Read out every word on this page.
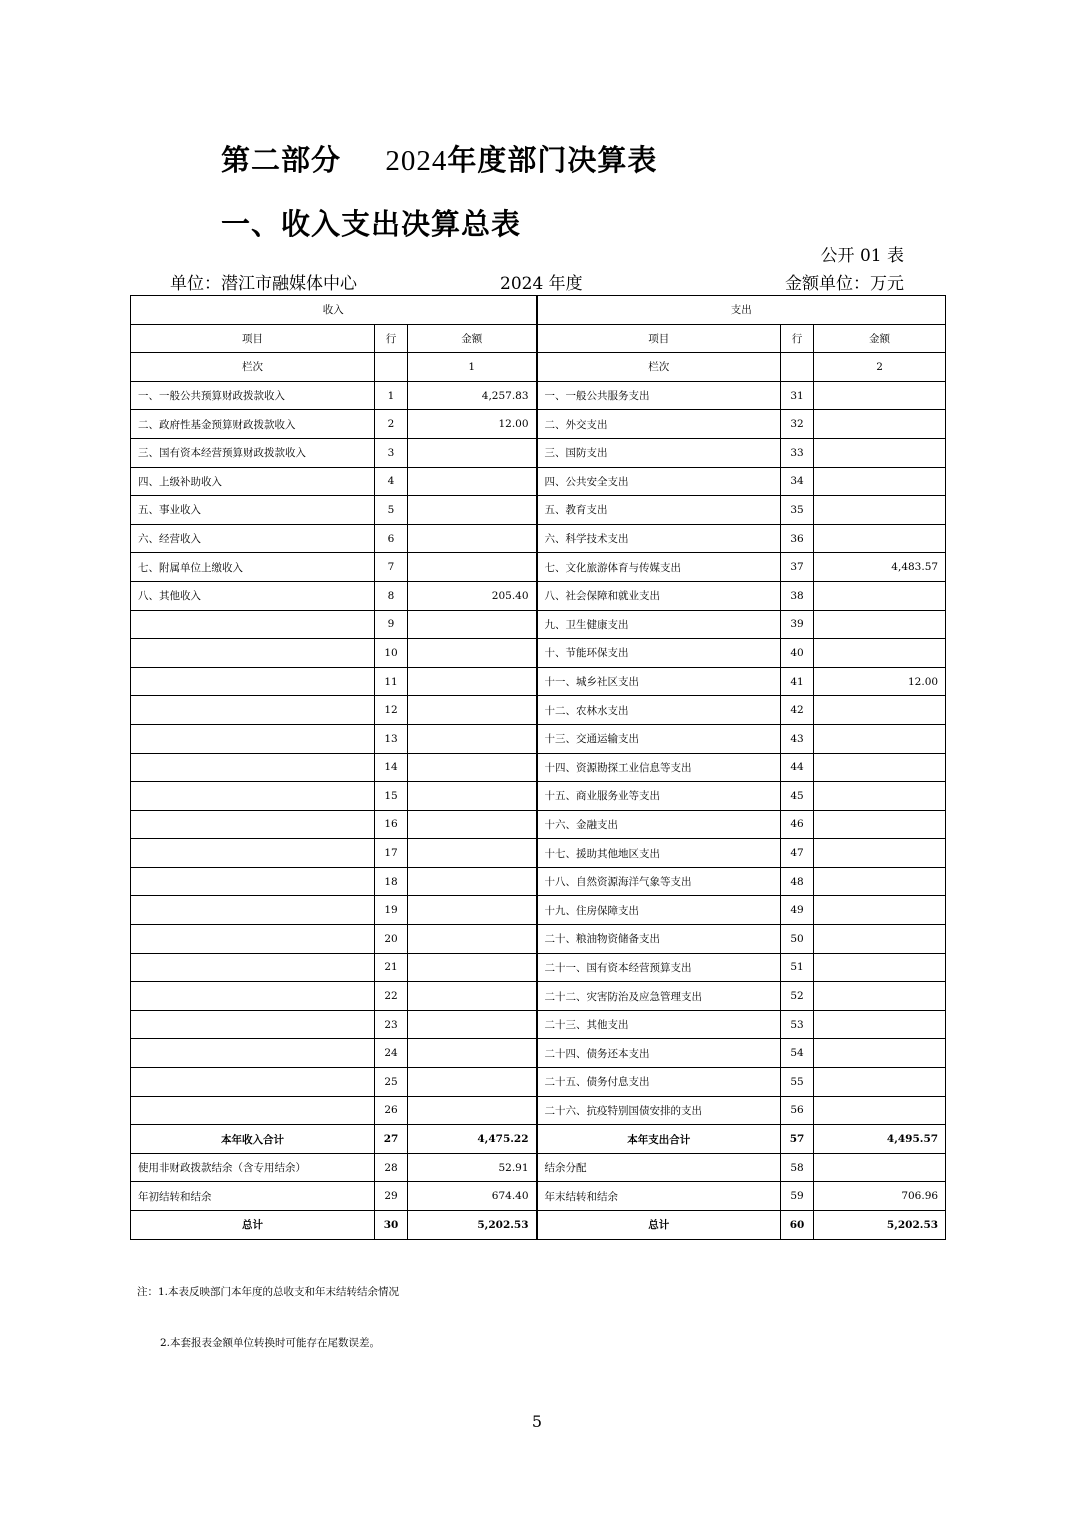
第二部分 2024年度部门决算表
一、收入支出决算总表
公开 01 表
单位：潜江市融媒体中心	2024 年度	金额单位：万元
收入			支出		
项目	行	金额	项目	行	金额
栏次		1	栏次		2
一、一般公共预算财政拨款收入	1	4,257.83	一、一般公共服务支出	31	
二、政府性基金预算财政拨款收入	2	12.00	二、外交支出	32	
三、国有资本经营预算财政拨款收入	3		三、国防支出	33	
四、上级补助收入	4		四、公共安全支出	34	
五、事业收入	5		五、教育支出	35	
六、经营收入	6		六、科学技术支出	36	
七、附属单位上缴收入	7		七、文化旅游体育与传媒支出	37	4,483.57
八、其他收入	8	205.40	八、社会保障和就业支出	38	
	9		九、卫生健康支出	39	
	10		十、节能环保支出	40	
	11		十一、城乡社区支出	41	12.00
	12		十二、农林水支出	42	
	13		十三、交通运输支出	43	
	14		十四、资源勘探工业信息等支出	44	
	15		十五、商业服务业等支出	45	
	16		十六、金融支出	46	
	17		十七、援助其他地区支出	47	
	18		十八、自然资源海洋气象等支出	48	
	19		十九、住房保障支出	49	
	20		二十、粮油物资储备支出	50	
	21		二十一、国有资本经营预算支出	51	
	22		二十二、灾害防治及应急管理支出	52	
	23		二十三、其他支出	53	
	24		二十四、债务还本支出	54	
	25		二十五、债务付息支出	55	
	26		二十六、抗疫特别国债安排的支出	56	
本年收入合计	27	4,475.22	本年支出合计	57	4,495.57
使用非财政拨款结余（含专用结余）	28	52.91	结余分配	58	
年初结转和结余	29	674.40	年末结转和结余	59	706.96
总计	30	5,202.53	总计	60	5,202.53
注：1.本表反映部门本年度的总收支和年末结转结余情况
2.本套报表金额单位转换时可能存在尾数误差。
5
